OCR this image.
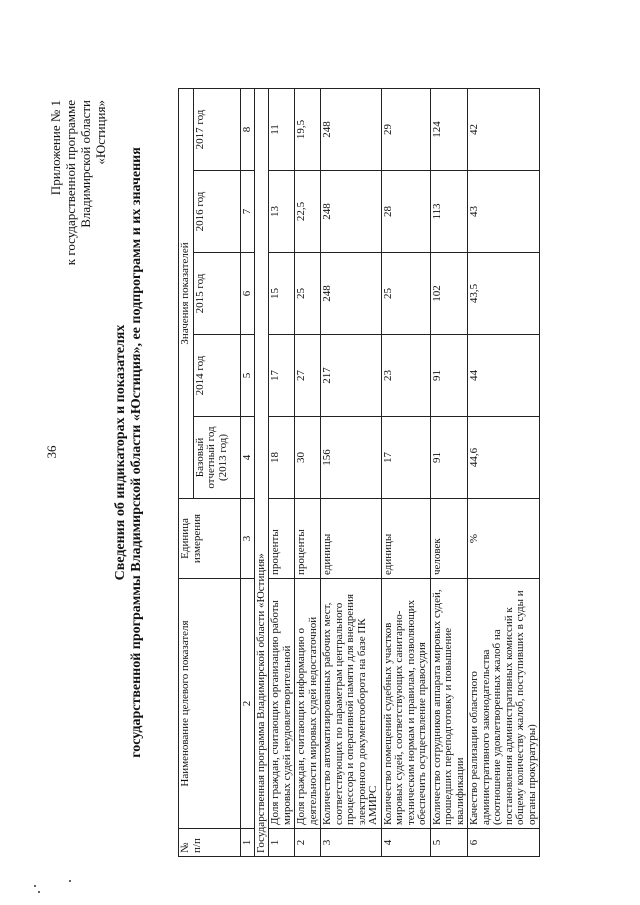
36
Приложение № 1 к государственной программе Владимирской области «Юстиция»
Сведения об индикаторах и показателях государственной программы Владимирской области «Юстиция», ее подпрограмм и их значения
№ п/п	Наименование целевого показателя	Единица измерения	Значения показателей				
			Базовый отчетный год (2013 год)	2014 год	2015 год	2016 год	2017 год
1	2	3	4	5	6	7	8
Государственная программа Владимирской области «Юстиция»							
1	Доля граждан, считающих организацию работы мировых судей неудовлетворительной	проценты	18	17	15	13	11
2	Доля граждан, считающих информацию о деятельности мировых судей недостаточной	проценты	30	27	25	22,5	19,5
3	Количество автоматизированных рабочих мест, соответствующих по параметрам центрального процессора и оперативной памяти для внедрения электронного документооборота на базе ПК АМИРС	единицы	156	217	248	248	248
4	Количество помещений судебных участков мировых судей, соответствующих санитарно-техническим нормам и правилам, позволяющих обеспечить осуществление правосудия	единицы	17	23	25	28	29
5	Количество сотрудников аппарата мировых судей, прошедших переподготовку и повышение квалификации	человек	91	91	102	113	124
6	Качество реализации областного административного законодательства (соотношение удовлетворенных жалоб на постановления административных комиссий к общему количеству жалоб, поступивших в суды и органы прокуратуры)	%	44,6	44	43,5	43	42
